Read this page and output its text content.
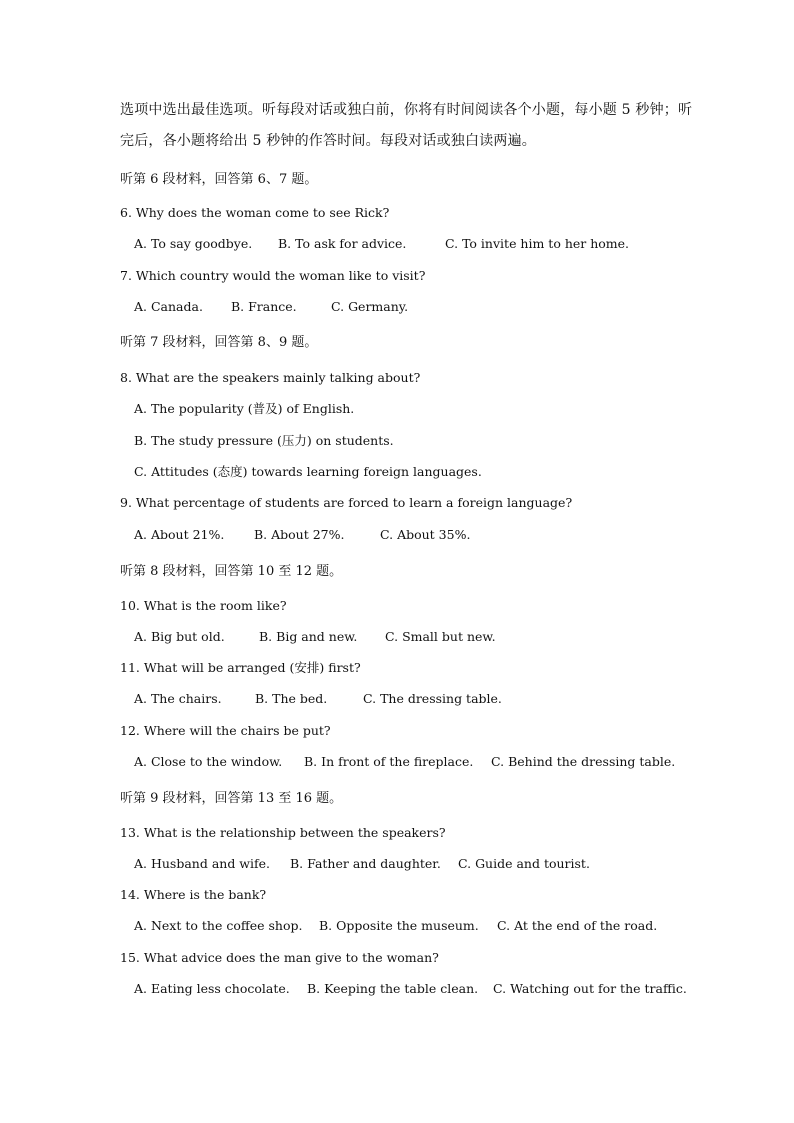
选项中选出最佳选项。听每段对话或独白前，你将有时间阅读各个小题，每小题 5 秒钟；听
完后，各小题将给出 5 秒钟的作答时间。每段对话或独白读两遍。
听第 6 段材料，回答第 6、7 题。
6. Why does the woman come to see Rick?
A. To say goodbye. B. To ask for advice.	C. To invite him to her home.
7. Which country would the woman like to visit?
A. Canada. B. France.	C. Germany.
听第 7 段材料，回答第 8、9 题。
8. What are the speakers mainly talking about?
A. The popularity (普及) of English.
B. The study pressure (压力) on students.
C. Attitudes (态度) towards learning foreign languages.
9. What percentage of students are forced to learn a foreign language?
A. About 21%. B. About 27%.	C. About 35%.
听第 8 段材料，回答第 10 至 12 题。
10. What is the room like?
A. Big but old.	B. Big and new. C. Small but new.
11. What will be arranged (安排) first?
A. The chairs.	B. The bed.	C. The dressing table.
12. Where will the chairs be put?
A. Close to the window. B. In front of the fireplace. C. Behind the dressing table.
听第 9 段材料，回答第 13 至 16 题。
13. What is the relationship between the speakers?
A. Husband and wife. B. Father and daughter. C. Guide and tourist.
14. Where is the bank?
A. Next to the coffee shop. B. Opposite the museum. C. At the end of the road.
15. What advice does the man give to the woman?
A. Eating less chocolate. B. Keeping the table clean. C. Watching out for the traffic.
